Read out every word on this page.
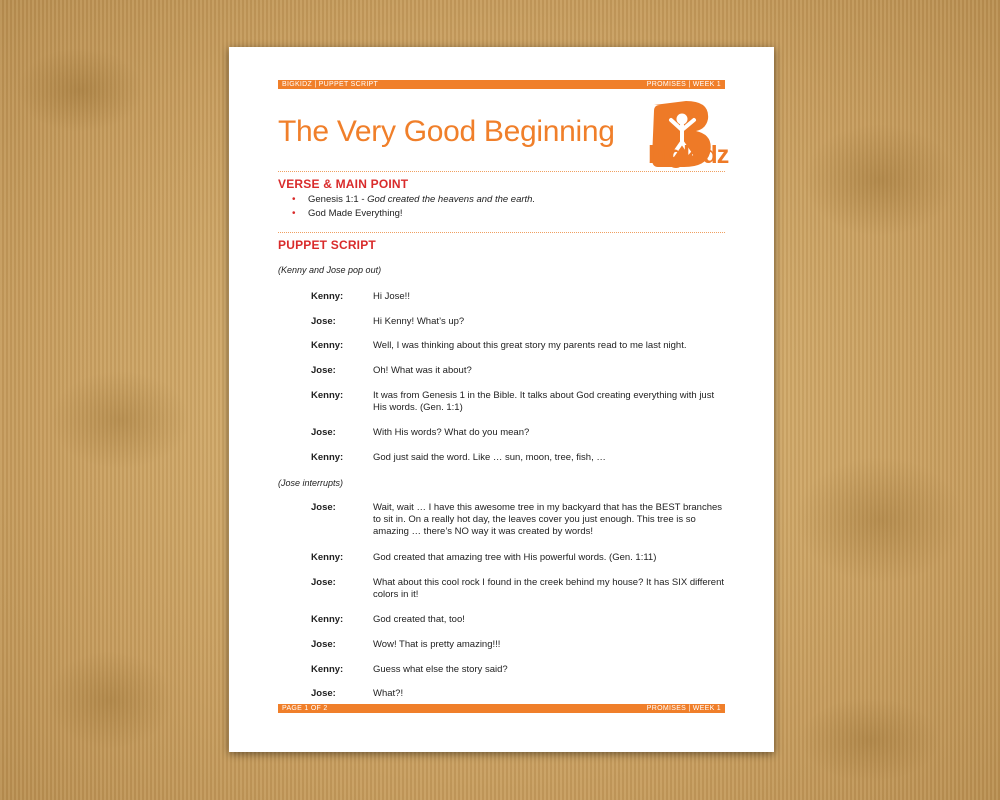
BIGKIDZ | PUPPET SCRIPT	PROMISES | WEEK 1
The Very Good Beginning
bigkidz
VERSE & MAIN POINT
• Genesis 1:1 - God created the heavens and the earth.
• God Made Everything!
PUPPET SCRIPT
(Kenny and Jose pop out)
Kenny:	Hi Jose!!
Jose:	Hi Kenny! What’s up?
Kenny:	Well, I was thinking about this great story my parents read to me last night.
Jose:	Oh! What was it about?
Kenny:	It was from Genesis 1 in the Bible. It talks about God creating everything with just His words. (Gen. 1:1)
Jose:	With His words? What do you mean?
Kenny:	God just said the word. Like … sun, moon, tree, fish, …
(Jose interrupts)
Jose:	Wait, wait … I have this awesome tree in my backyard that has the BEST branches to sit in. On a really hot day, the leaves cover you just enough. This tree is so amazing … there’s NO way it was created by words!
Kenny:	God created that amazing tree with His powerful words. (Gen. 1:11)
Jose:	What about this cool rock I found in the creek behind my house? It has SIX different colors in it!
Kenny:	God created that, too!
Jose:	Wow! That is pretty amazing!!!
Kenny:	Guess what else the story said?
Jose:	What?!
PAGE 1 OF 2	PROMISES | WEEK 1
